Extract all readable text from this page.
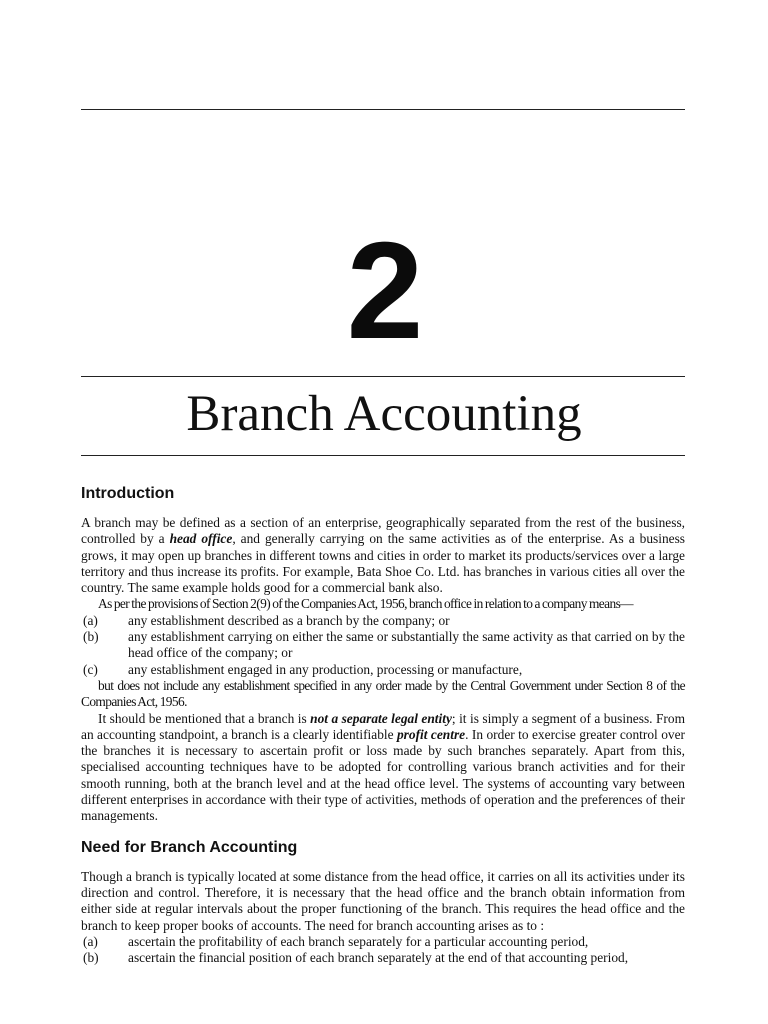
2
Branch Accounting
Introduction

A branch may be defined as a section of an enterprise, geographically separated from the rest of the business, controlled by a head office, and generally carrying on the same activities as of the enterprise. As a business grows, it may open up branches in different towns and cities in order to market its products/services over a large territory and thus increase its profits. For example, Bata Shoe Co. Ltd. has branches in various cities all over the country. The same example holds good for a commercial bank also.

As per the provisions of Section 2(9) of the Companies Act, 1956, branch office in relation to a company means—

(a)	any establishment described as a branch by the company; or
(b)	any establishment carrying on either the same or substantially the same activity as that carried on by the head office of the company; or
(c)	any establishment engaged in any production, processing or manufacture,

but does not include any establishment specified in any order made by the Central Government under Section 8 of the Companies Act, 1956.

It should be mentioned that a branch is not a separate legal entity; it is simply a segment of a business. From an accounting standpoint, a branch is a clearly identifiable profit centre. In order to exercise greater control over the branches it is necessary to ascertain profit or loss made by such branches separately. Apart from this, specialised accounting techniques have to be adopted for controlling various branch activities and for their smooth running, both at the branch level and at the head office level. The systems of accounting vary between different enterprises in accordance with their type of activities, methods of operation and the preferences of their managements.

Need for Branch Accounting

Though a branch is typically located at some distance from the head office, it carries on all its activities under its direction and control. Therefore, it is necessary that the head office and the branch obtain information from either side at regular intervals about the proper functioning of the branch. This requires the head office and the branch to keep proper books of accounts. The need for branch accounting arises as to :

(a)	ascertain the profitability of each branch separately for a particular accounting period,
(b)	ascertain the financial position of each branch separately at the end of that accounting period,
